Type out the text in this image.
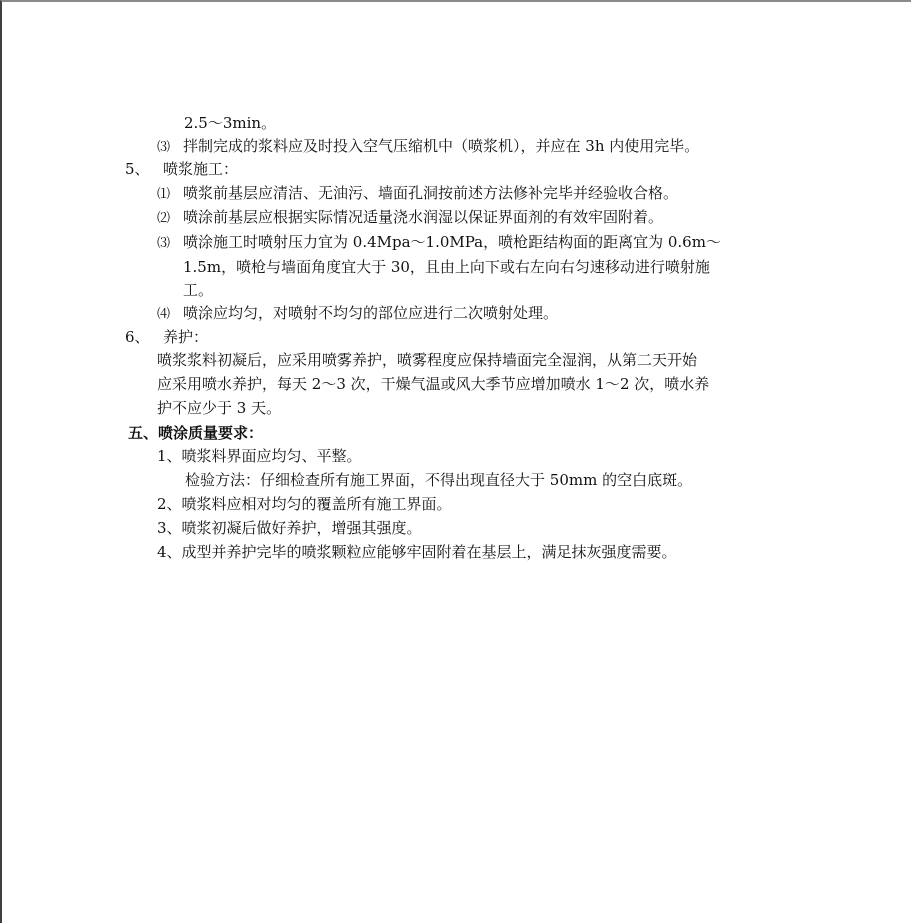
2.5～3min。
⑶ 拌制完成的浆料应及时投入空气压缩机中（喷浆机），并应在 3h 内使用完毕。
5、 喷浆施工：
⑴ 喷浆前基层应清洁、无油污、墙面孔洞按前述方法修补完毕并经验收合格。
⑵ 喷涂前基层应根据实际情况适量浇水润湿以保证界面剂的有效牢固附着。
⑶ 喷涂施工时喷射压力宜为 0.4Mpa～1.0MPa，喷枪距结构面的距离宜为 0.6m～
1.5m，喷枪与墙面角度宜大于 30，且由上向下或右左向右匀速移动进行喷射施
工。
⑷ 喷涂应均匀，对喷射不均匀的部位应进行二次喷射处理。
6、 养护：
喷浆浆料初凝后，应采用喷雾养护，喷雾程度应保持墙面完全湿润，从第二天开始
应采用喷水养护，每天 2～3 次，干燥气温或风大季节应增加喷水 1～2 次，喷水养
护不应少于 3 天。
五、喷涂质量要求：
1、喷浆料界面应均匀、平整。
检验方法：仔细检查所有施工界面，不得出现直径大于 50mm 的空白底斑。
2、喷浆料应相对均匀的覆盖所有施工界面。
3、喷浆初凝后做好养护，增强其强度。
4、成型并养护完毕的喷浆颗粒应能够牢固附着在基层上，满足抹灰强度需要。
